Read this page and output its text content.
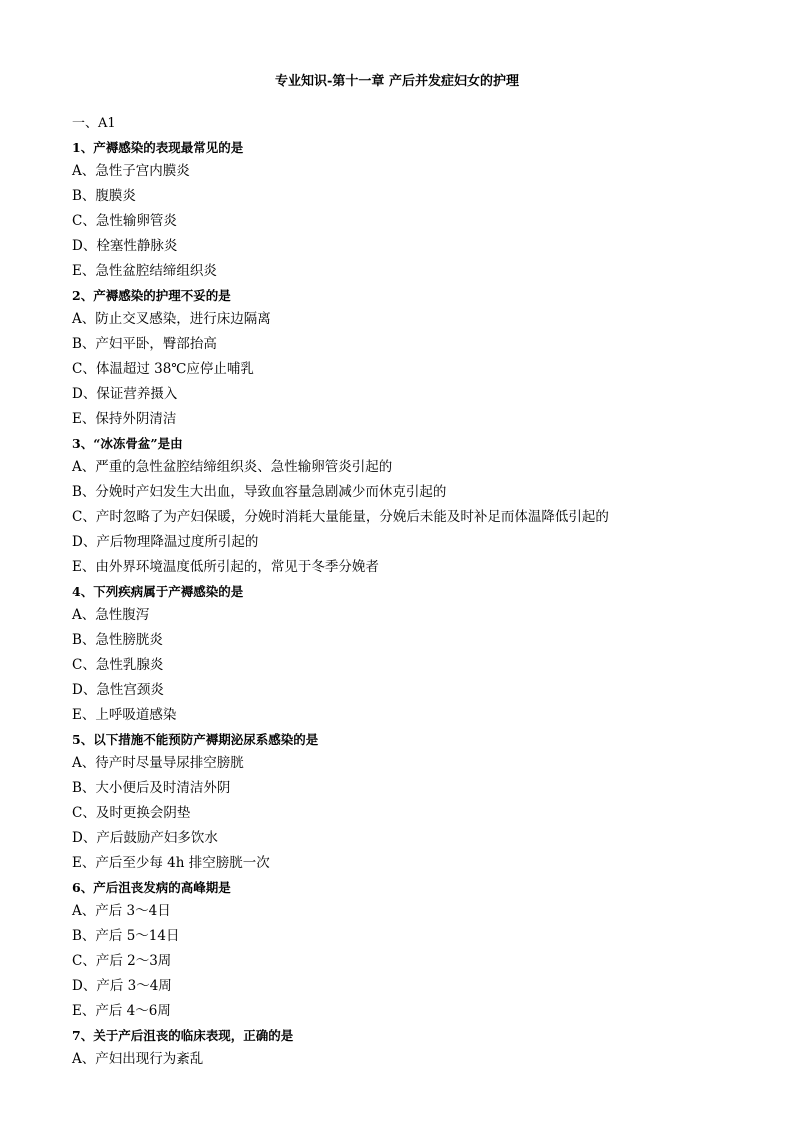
专业知识-第十一章 产后并发症妇女的护理
一、A1
1、产褥感染的表现最常见的是
A、急性子宫内膜炎
B、腹膜炎
C、急性输卵管炎
D、栓塞性静脉炎
E、急性盆腔结缔组织炎
2、产褥感染的护理不妥的是
A、防止交叉感染，进行床边隔离
B、产妇平卧，臀部抬高
C、体温超过 38℃应停止哺乳
D、保证营养摄入
E、保持外阴清洁
3、“冰冻骨盆”是由
A、严重的急性盆腔结缔组织炎、急性输卵管炎引起的
B、分娩时产妇发生大出血，导致血容量急剧减少而休克引起的
C、产时忽略了为产妇保暖，分娩时消耗大量能量，分娩后未能及时补足而体温降低引起的
D、产后物理降温过度所引起的
E、由外界环境温度低所引起的，常见于冬季分娩者
4、下列疾病属于产褥感染的是
A、急性腹泻
B、急性膀胱炎
C、急性乳腺炎
D、急性宫颈炎
E、上呼吸道感染
5、以下措施不能预防产褥期泌尿系感染的是
A、待产时尽量导尿排空膀胱
B、大小便后及时清洁外阴
C、及时更换会阴垫
D、产后鼓励产妇多饮水
E、产后至少每 4h 排空膀胱一次
6、产后沮丧发病的高峰期是
A、产后 3～4日
B、产后 5～14日
C、产后 2～3周
D、产后 3～4周
E、产后 4～6周
7、关于产后沮丧的临床表现，正确的是
A、产妇出现行为紊乱
